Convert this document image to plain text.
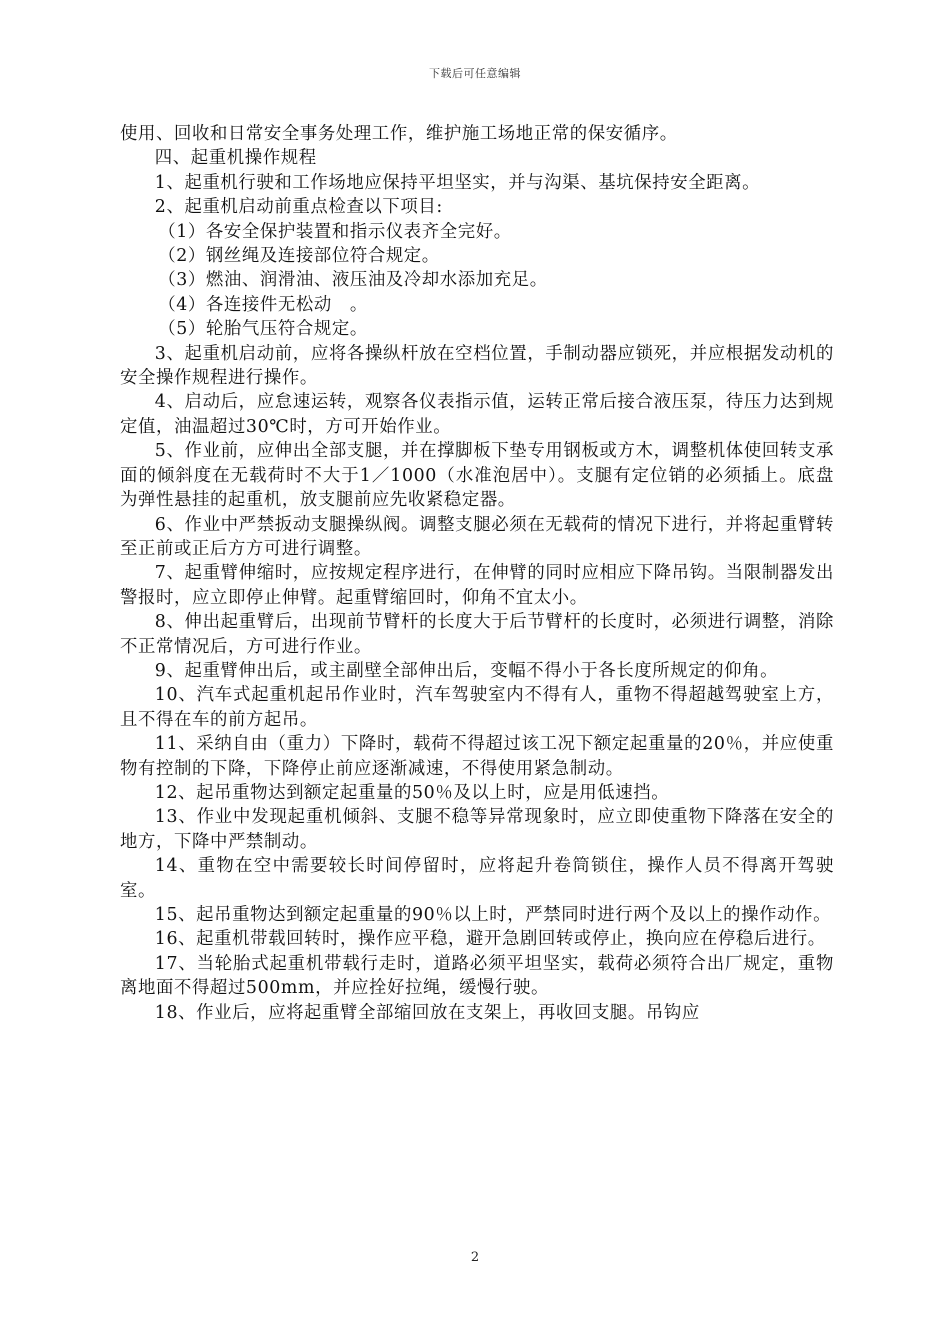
下载后可任意编辑

使用、回收和日常安全事务处理工作，维护施工场地正常的保安循序。

四、起重机操作规程

1、起重机行驶和工作场地应保持平坦坚实，并与沟渠、基坑保持安全距离。

2、起重机启动前重点检查以下项目:

（1）各安全保护装置和指示仪表齐全完好。

（2）钢丝绳及连接部位符合规定。

（3）燃油、润滑油、液压油及冷却水添加充足。

（4）各连接件无松动　。

（5）轮胎气压符合规定。

3、起重机启动前，应将各操纵杆放在空档位置，手制动器应锁死，并应根据发动机的安全操作规程进行操作。

4、启动后，应怠速运转，观察各仪表指示值，运转正常后接合液压泵，待压力达到规定值，油温超过30℃时，方可开始作业。

5、作业前，应伸出全部支腿，并在撑脚板下垫专用钢板或方木，调整机体使回转支承面的倾斜度在无载荷时不大于1／1000（水准泡居中）。支腿有定位销的必须插上。底盘为弹性悬挂的起重机，放支腿前应先收紧稳定器。

6、作业中严禁扳动支腿操纵阀。调整支腿必须在无载荷的情况下进行，并将起重臂转至正前或正后方方可进行调整。

7、起重臂伸缩时，应按规定程序进行，在伸臂的同时应相应下降吊钩。当限制器发出警报时，应立即停止伸臂。起重臂缩回时，仰角不宜太小。

8、伸出起重臂后，出现前节臂杆的长度大于后节臂杆的长度时，必须进行调整，消除不正常情况后，方可进行作业。

9、起重臂伸出后，或主副壁全部伸出后，变幅不得小于各长度所规定的仰角。

10、汽车式起重机起吊作业时，汽车驾驶室内不得有人，重物不得超越驾驶室上方，且不得在车的前方起吊。

11、采纳自由（重力）下降时，载荷不得超过该工况下额定起重量的20％，并应使重物有控制的下降，下降停止前应逐渐减速，不得使用紧急制动。

12、起吊重物达到额定起重量的50％及以上时，应是用低速挡。

13、作业中发现起重机倾斜、支腿不稳等异常现象时，应立即使重物下降落在安全的地方，下降中严禁制动。

14、重物在空中需要较长时间停留时，应将起升卷筒锁住，操作人员不得离开驾驶室。

15、起吊重物达到额定起重量的90％以上时，严禁同时进行两个及以上的操作动作。

16、起重机带载回转时，操作应平稳，避开急剧回转或停止，换向应在停稳后进行。

17、当轮胎式起重机带载行走时，道路必须平坦坚实，载荷必须符合出厂规定，重物离地面不得超过500mm，并应拴好拉绳，缓慢行驶。

18、作业后，应将起重臂全部缩回放在支架上，再收回支腿。吊钩应

2
